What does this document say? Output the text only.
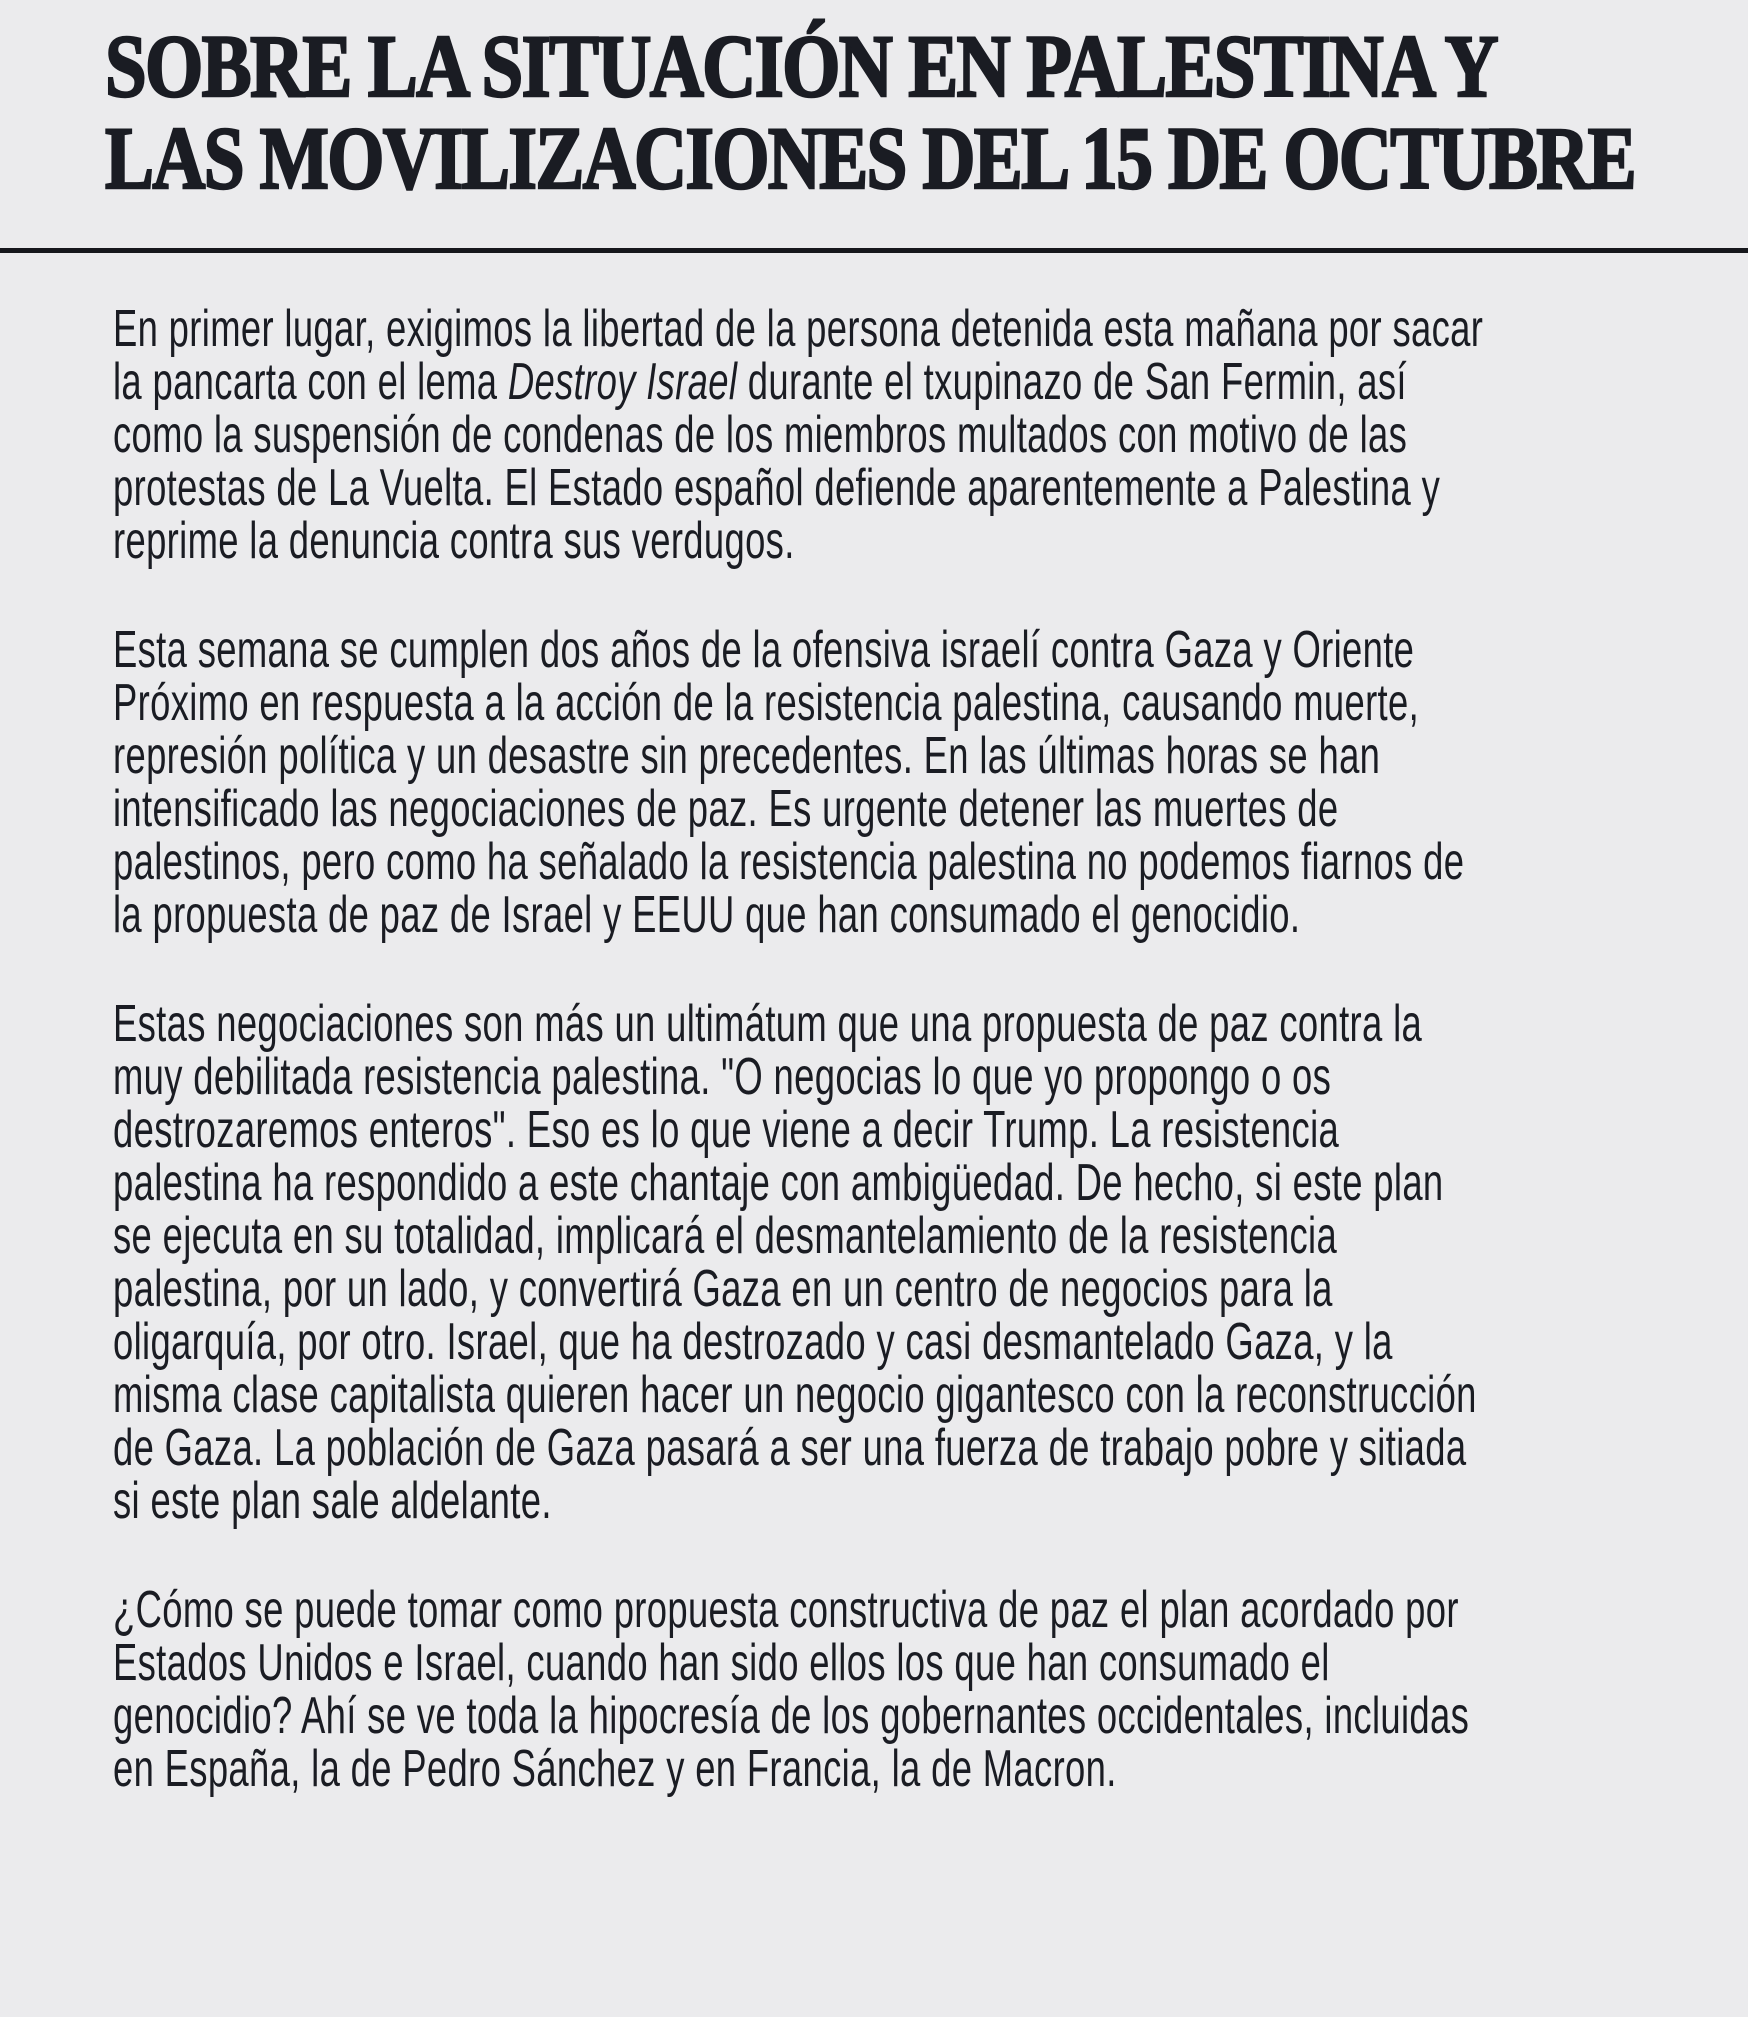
SOBRE LA SITUACIÓN EN PALESTINA Y
LAS MOVILIZACIONES DEL 15 DE OCTUBRE

En primer lugar, exigimos la libertad de la persona detenida esta mañana por sacar la pancarta con el lema Destroy Israel durante el txupinazo de San Fermin, así como la suspensión de condenas de los miembros multados con motivo de las protestas de La Vuelta. El Estado español defiende aparentemente a Palestina y reprime la denuncia contra sus verdugos.

Esta semana se cumplen dos años de la ofensiva israelí contra Gaza y Oriente Próximo en respuesta a la acción de la resistencia palestina, causando muerte, represión política y un desastre sin precedentes. En las últimas horas se han intensificado las negociaciones de paz. Es urgente detener las muertes de palestinos, pero como ha señalado la resistencia palestina no podemos fiarnos de la propuesta de paz de Israel y EEUU que han consumado el genocidio.

Estas negociaciones son más un ultimátum que una propuesta de paz contra la muy debilitada resistencia palestina. "O negocias lo que yo propongo o os destrozaremos enteros". Eso es lo que viene a decir Trump. La resistencia palestina ha respondido a este chantaje con ambigüedad. De hecho, si este plan se ejecuta en su totalidad, implicará el desmantelamiento de la resistencia palestina, por un lado, y convertirá Gaza en un centro de negocios para la oligarquía, por otro. Israel, que ha destrozado y casi desmantelado Gaza, y la misma clase capitalista quieren hacer un negocio gigantesco con la reconstrucción de Gaza. La población de Gaza pasará a ser una fuerza de trabajo pobre y sitiada si este plan sale aldelante.

¿Cómo se puede tomar como propuesta constructiva de paz el plan acordado por Estados Unidos e Israel, cuando han sido ellos los que han consumado el genocidio? Ahí se ve toda la hipocresía de los gobernantes occidentales, incluidas en España, la de Pedro Sánchez y en Francia, la de Macron.
